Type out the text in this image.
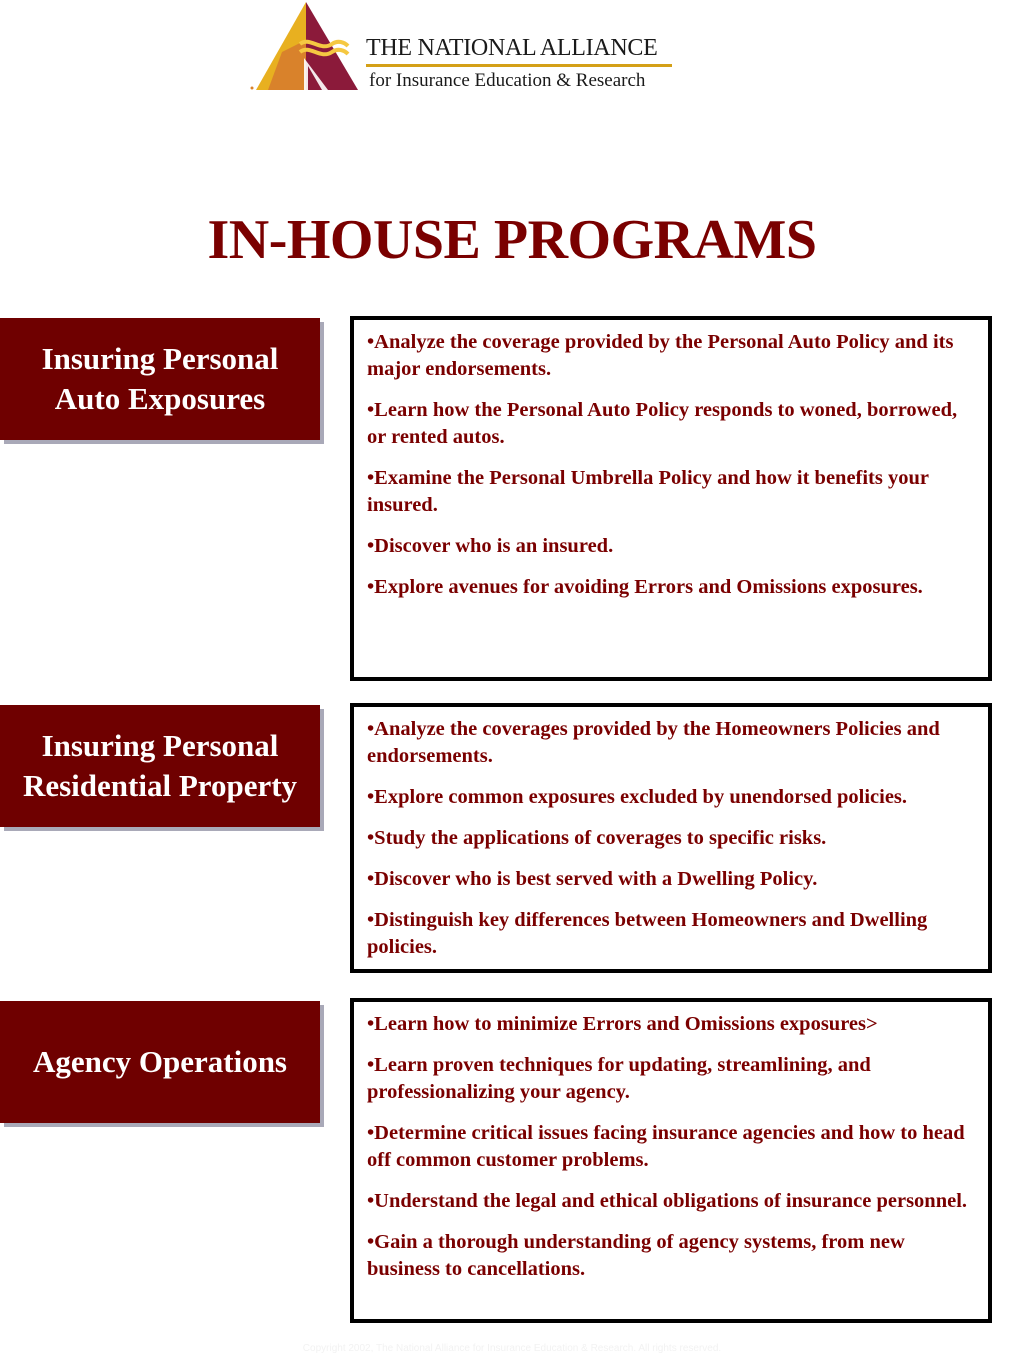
THE NATIONAL ALLIANCE
for Insurance Education & Research
IN-HOUSE PROGRAMS
Insuring Personal Auto Exposures
•Analyze the coverage provided by the Personal Auto Policy and its major endorsements.
•Learn how the Personal Auto Policy responds to woned, borrowed, or rented autos.
•Examine the Personal Umbrella Policy and how it benefits your insured.
•Discover who is an insured.
•Explore avenues for avoiding Errors and Omissions exposures.
Insuring Personal Residential Property
•Analyze the coverages provided by the Homeowners Policies and endorsements.
•Explore common exposures excluded by unendorsed policies.
•Study the applications of coverages to specific risks.
•Discover who is best served with a Dwelling Policy.
•Distinguish key differences between Homeowners and Dwelling policies.
Agency Operations
•Learn how to minimize Errors and Omissions exposures>
•Learn proven techniques for updating, streamlining, and professionalizing your agency.
•Determine critical issues facing insurance agencies and how to head off common customer problems.
•Understand the legal and ethical obligations of insurance personnel.
•Gain a thorough understanding of agency systems, from new business to cancellations.
Copyright 2002, The National Alliance for Insurance Education & Research. All rights reserved.
